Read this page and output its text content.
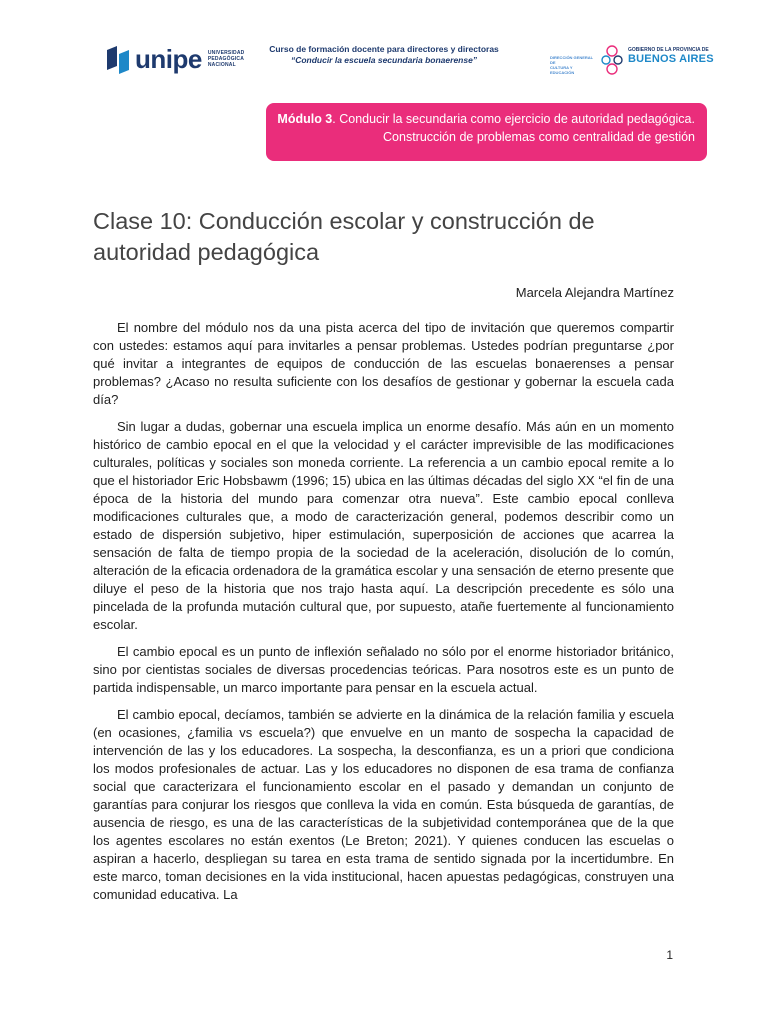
unipe UNIVERSIDAD
PEDAGÓGICA
NACIONAL
Curso de formación docente para directores y directoras
“Conducir la escuela secundaria bonaerense”	DIRECCIÓN GENERAL DE
CULTURA Y EDUCACIÓN
GOBIERNO DE LA PROVINCIA DE
BUENOS AIRES
Módulo 3. Conducir la secundaria como ejercicio de autoridad pedagógica. Construcción de problemas como centralidad de gestión
Clase 10: Conducción escolar y construcción de autoridad pedagógica
Marcela Alejandra Martínez

El nombre del módulo nos da una pista acerca del tipo de invitación que queremos compartir con ustedes: estamos aquí para invitarles a pensar problemas. Ustedes podrían preguntarse ¿por qué invitar a integrantes de equipos de conducción de las escuelas bonaerenses a pensar problemas? ¿Acaso no resulta suficiente con los desafíos de gestionar y gobernar la escuela cada día?

Sin lugar a dudas, gobernar una escuela implica un enorme desafío. Más aún en un momento histórico de cambio epocal en el que la velocidad y el carácter imprevisible de las modificaciones culturales, políticas y sociales son moneda corriente. La referencia a un cambio epocal remite a lo que el historiador Eric Hobsbawm (1996; 15) ubica en las últimas décadas del siglo XX “el fin de una época de la historia del mundo para comenzar otra nueva”. Este cambio epocal conlleva modificaciones culturales que, a modo de caracterización general, podemos describir como un estado de dispersión subjetivo, hiper estimulación, superposición de acciones que acarrea la sensación de falta de tiempo propia de la sociedad de la aceleración, disolución de lo común, alteración de la eficacia ordenadora de la gramática escolar y una sensación de eterno presente que diluye el peso de la historia que nos trajo hasta aquí. La descripción precedente es sólo una pincelada de la profunda mutación cultural que, por supuesto, atañe fuertemente al funcionamiento escolar.

El cambio epocal es un punto de inflexión señalado no sólo por el enorme historiador británico, sino por cientistas sociales de diversas procedencias teóricas. Para nosotros este es un punto de partida indispensable, un marco importante para pensar en la escuela actual.

El cambio epocal, decíamos, también se advierte en la dinámica de la relación familia y escuela (en ocasiones, ¿familia vs escuela?) que envuelve en un manto de sospecha la capacidad de intervención de las y los educadores. La sospecha, la desconfianza, es un a priori que condiciona los modos profesionales de actuar. Las y los educadores no disponen de esa trama de confianza social que caracterizara el funcionamiento escolar en el pasado y demandan un conjunto de garantías para conjurar los riesgos que conlleva la vida en común. Esta búsqueda de garantías, de ausencia de riesgo, es una de las características de la subjetividad contemporánea que de la que los agentes escolares no están exentos (Le Breton; 2021). Y quienes conducen las escuelas o aspiran a hacerlo, despliegan su tarea en esta trama de sentido signada por la incertidumbre. En este marco, toman decisiones en la vida institucional, hacen apuestas pedagógicas, construyen una comunidad educativa. La

1
